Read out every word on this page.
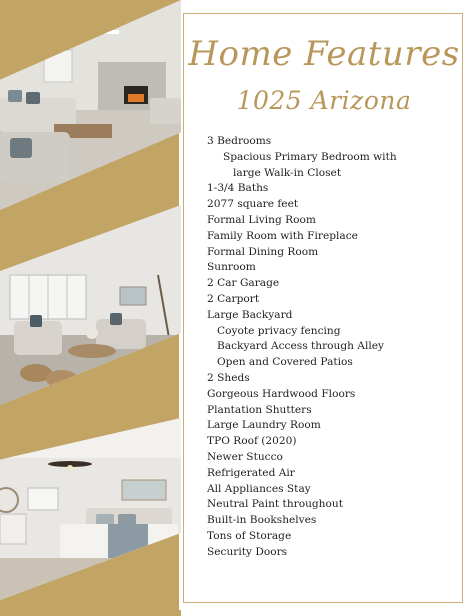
Home Features
1025 Arizona
3 Bedrooms
Spacious Primary Bedroom with
large Walk-in Closet
1-3/4 Baths
2077 square feet
Formal Living Room
Family Room with Fireplace
Formal Dining Room
Sunroom
2 Car Garage
2 Carport
Large Backyard
Coyote privacy fencing
Backyard Access through Alley
Open and Covered Patios
2 Sheds
Gorgeous Hardwood Floors
Plantation Shutters
Large Laundry Room
TPO Roof (2020)
Newer Stucco
Refrigerated Air
All Appliances Stay
Neutral Paint throughout
Built-in Bookshelves
Tons of Storage
Security Doors
